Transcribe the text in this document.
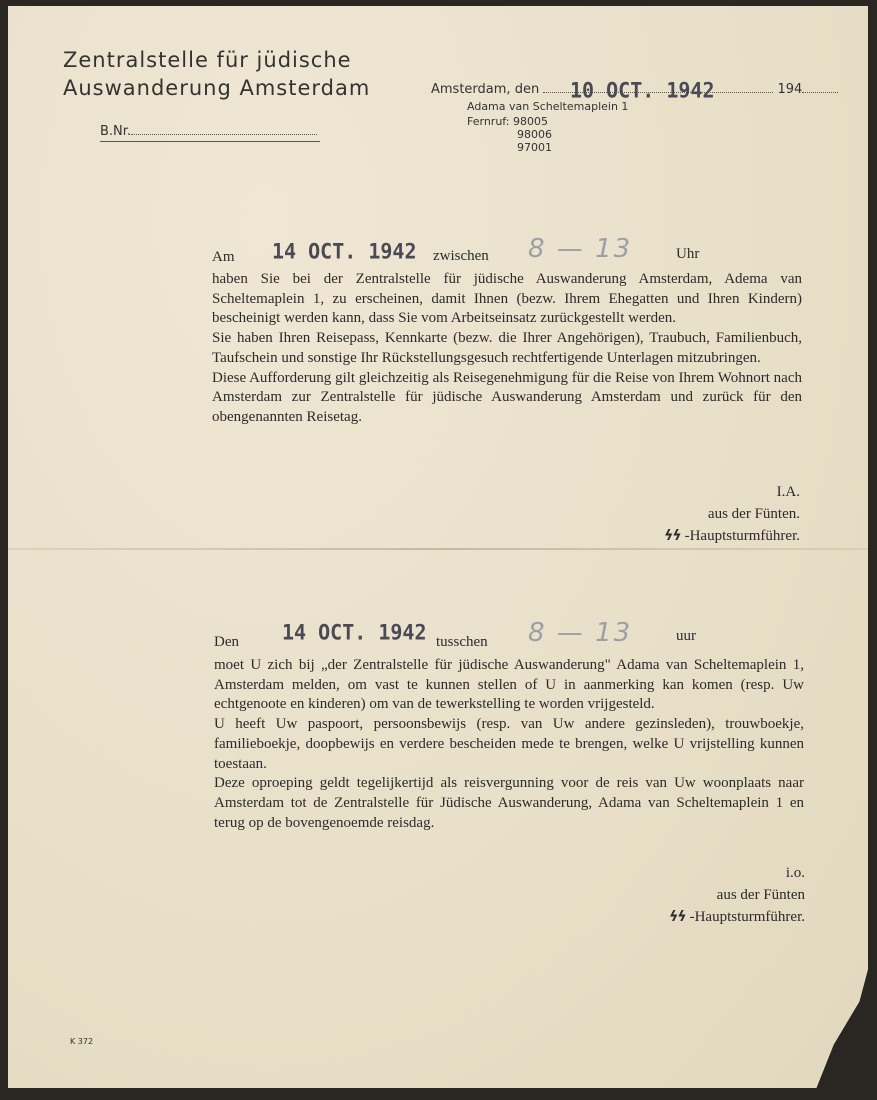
Zentralstelle für jüdische
Auswanderung Amsterdam
B.Nr.
Amsterdam, den	194
10 OCT. 1942
Adama van Scheltemaplein 1
Fernruf: 98005
98006
97001
Am 14 OCT. 1942 zwischen 8 — 13	Uhr

haben Sie bei der Zentralstelle für jüdische Auswanderung Amsterdam, Adema van Scheltemaplein 1, zu erscheinen, damit Ihnen (bezw. Ihrem Ehegatten und Ihren Kindern) bescheinigt werden kann, dass Sie vom Arbeitseinsatz zurückgestellt werden.

Sie haben Ihren Reisepass, Kennkarte (bezw. die Ihrer Angehörigen), Traubuch, Familienbuch, Taufschein und sonstige Ihr Rückstellungsgesuch rechtfertigende Unterlagen mitzubringen.

Diese Aufforderung gilt gleichzeitig als Reisegenehmigung für die Reise von Ihrem Wohnort nach Amsterdam zur Zentralstelle für jüdische Auswanderung Amsterdam und zurück für den obengenannten Reisetag.

I.A.
aus der Fünten.
ϟϟ -Hauptsturmführer.
Den 14 OCT. 1942 tusschen 8 — 13	uur

moet U zich bij „der Zentralstelle für jüdische Auswanderung" Adama van Scheltemaplein 1, Amsterdam melden, om vast te kunnen stellen of U in aanmerking kan komen (resp. Uw echtgenoote en kinderen) om van de tewerkstelling te worden vrijgesteld.

U heeft Uw paspoort, persoonsbewijs (resp. van Uw andere gezinsleden), trouwboekje, familieboekje, doopbewijs en verdere bescheiden mede te brengen, welke U vrijstelling kunnen toestaan.

Deze oproeping geldt tegelijkertijd als reisvergunning voor de reis van Uw woonplaats naar Amsterdam tot de Zentralstelle für Jüdische Auswanderung, Adama van Scheltemaplein 1 en terug op de bovengenoemde reisdag.

i.o.
aus der Fünten
ϟϟ -Hauptsturmführer.
K 372
